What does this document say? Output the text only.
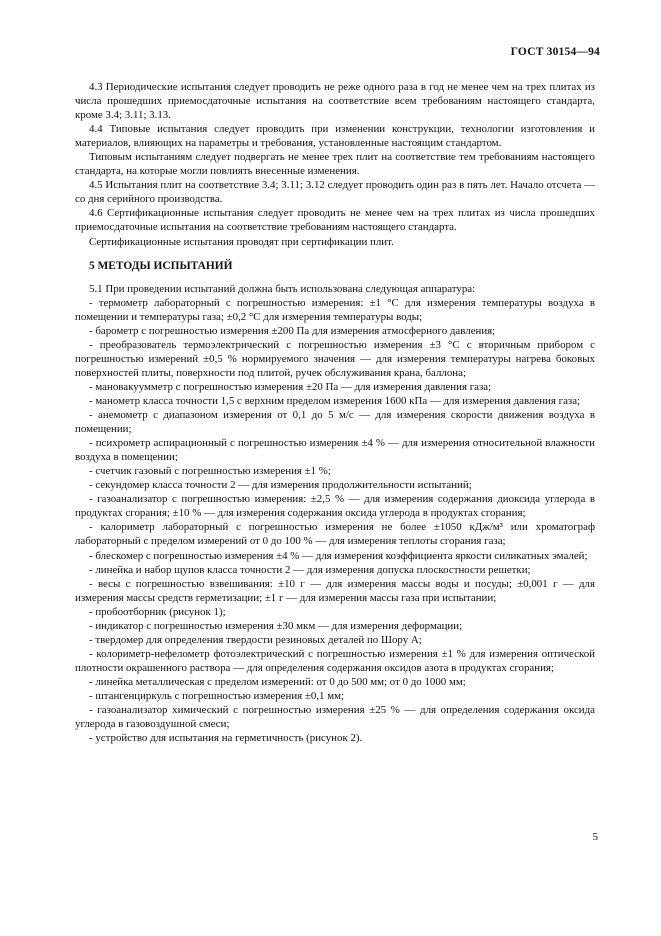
ГОСТ 30154—94

4.3 Периодические испытания следует проводить не реже одного раза в год не менее чем на трех плитах из числа прошедших приемосдаточные испытания на соответствие всем требованиям настоящего стандарта, кроме 3.4; 3.11; 3.13.

4.4 Типовые испытания следует проводить при изменении конструкции, технологии изготовления и материалов, влияющих на параметры и требования, установленные настоящим стандартом.

Типовым испытаниям следует подвергать не менее трех плит на соответствие тем требованиям настоящего стандарта, на которые могли повлиять внесенные изменения.

4.5 Испытания плит на соответствие 3.4; 3.11; 3.12 следует проводить один раз в пять лет. Начало отсчета — со дня серийного производства.

4.6 Сертификационные испытания следует проводить не менее чем на трех плитах из числа прошедших приемосдаточные испытания на соответствие требованиям настоящего стандарта.

Сертификационные испытания проводят при сертификации плит.

5 МЕТОДЫ ИСПЫТАНИЙ

5.1 При проведении испытаний должна быть использована следующая аппаратура:

- термометр лабораторный с погрешностью измерения: ±1 °С для измерения температуры воздуха в помещении и температуры газа; ±0,2 °С для измерения температуры воды;

- барометр с погрешностью измерения ±200 Па для измерения атмосферного давления;

- преобразователь термоэлектрический с погрешностью измерения ±3 °С с вторичным прибором с погрешностью измерений ±0,5 % нормируемого значения — для измерения температуры нагрева боковых поверхностей плиты, поверхности под плитой, ручек обслуживания крана, баллона;

- мановакуумметр с погрешностью измерения ±20 Па — для измерения давления газа;

- манометр класса точности 1,5 с верхним пределом измерения 1600 кПа — для измерения давления газа;

- анемометр с диапазоном измерения от 0,1 до 5 м/с — для измерения скорости движения воздуха в помещении;

- психрометр аспирационный с погрешностью измерения ±4 % — для измерения относительной влажности воздуха в помещении;

- счетчик газовый с погрешностью измерения ±1 %;

- секундомер класса точности 2 — для измерения продолжительности испытаний;

- газоанализатор с погрешностью измерения: ±2,5 % — для измерения содержания диоксида углерода в продуктах сгорания; ±10 % — для измерения содержания оксида углерода в продуктах сгорания;

- калориметр лабораторный с погрешностью измерения не более ±1050 кДж/м³ или хроматограф лабораторный с пределом измерений от 0 до 100 % — для измерения теплоты сгорания газа;

- блескомер с погрешностью измерения ±4 % — для измерения коэффициента яркости силикатных эмалей;

- линейка и набор щупов класса точности 2 — для измерения допуска плоскостности решетки;

- весы с погрешностью взвешивания: ±10 г — для измерения массы воды и посуды; ±0,001 г — для измерения массы средств герметизации; ±1 г — для измерения массы газа при испытании;

- пробоотборник (рисунок 1);

- индикатор с погрешностью измерения ±30 мкм — для измерения деформации;

- твердомер для определения твердости резиновых деталей по Шору А;

- колориметр-нефелометр фотоэлектрический с погрешностью измерения ±1 % для измерения оптической плотности окрашенного раствора — для определения содержания оксидов азота в продуктах сгорания;

- линейка металлическая с пределом измерений: от 0 до 500 мм; от 0 до 1000 мм;

- штангенциркуль с погрешностью измерения ±0,1 мм;

- газоанализатор химический с погрешностью измерения ±25 % — для определения содержания оксида углерода в газовоздушной смеси;

- устройство для испытания на герметичность (рисунок 2).

5
